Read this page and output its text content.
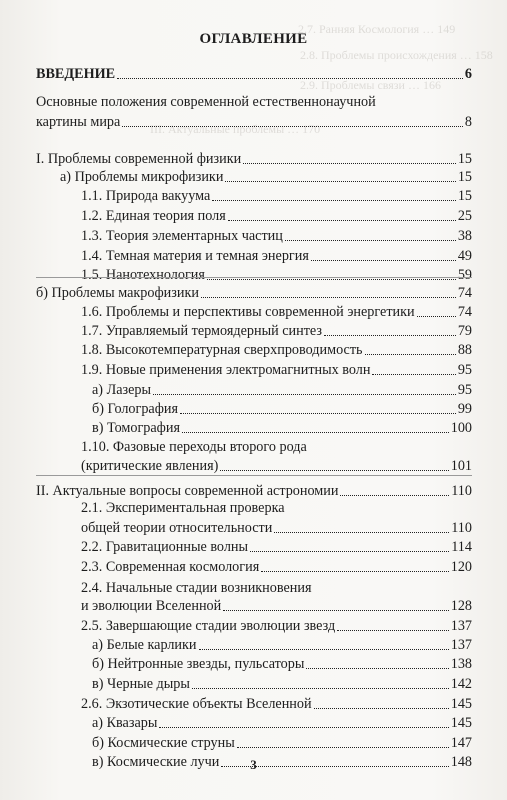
2.7. Ранняя Космология … 149
2.8. Проблемы происхождения … 158
2.9. Проблемы связи … 166
III. Актуальные проблемы … 170
ОГЛАВЛЕНИЕ
ВВЕДЕНИЕ	6
Основные положения современной естественнонаучной
картины мира	8
I. Проблемы современной физики	15
а) Проблемы микрофизики	15
1.1. Природа вакуума	15
1.2. Единая теория поля	25
1.3. Теория элементарных частиц	38
1.4. Темная материя и темная энергия	49
1.5. Нанотехнология	59
б) Проблемы макрофизики	74
1.6. Проблемы и перспективы современной энергетики	74
1.7. Управляемый термоядерный синтез	79
1.8. Высокотемпературная сверхпроводимость	88
1.9. Новые применения электромагнитных волн	95
а) Лазеры	95
б) Голография	99
в) Томография	100
1.10. Фазовые переходы второго рода
(критические явления)	101
II. Актуальные вопросы современной астрономии	110
2.1. Экспериментальная проверка
общей теории относительности	110
2.2. Гравитационные волны	114
2.3. Современная космология	120
2.4. Начальные стадии возникновения
и эволюции Вселенной	128
2.5. Завершающие стадии эволюции звезд	137
а) Белые карлики	137
б) Нейтронные звезды, пульсаторы	138
в) Черные дыры	142
2.6. Экзотические объекты Вселенной	145
а) Квазары	145
б) Космические струны	147
в) Космические лучи	148
3
